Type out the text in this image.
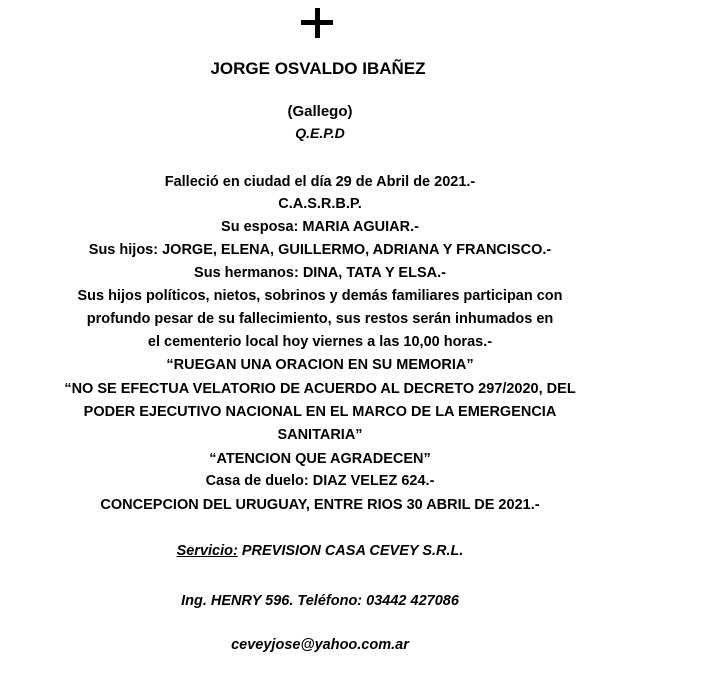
JORGE OSVALDO IBAÑEZ
(Gallego)
Q.E.P.D
Falleció en ciudad el día 29 de Abril de 2021.-
C.A.S.R.B.P.
Su esposa: MARIA AGUIAR.-
Sus hijos: JORGE, ELENA, GUILLERMO, ADRIANA Y FRANCISCO.-
Sus hermanos: DINA, TATA Y ELSA.-
Sus hijos políticos, nietos, sobrinos y demás familiares participan con
profundo pesar de su fallecimiento, sus restos serán inhumados en
el cementerio local hoy viernes a las 10,00 horas.-
“RUEGAN UNA ORACION EN SU MEMORIA”
“NO SE EFECTUA VELATORIO DE ACUERDO AL DECRETO 297/2020, DEL
PODER EJECUTIVO NACIONAL EN EL MARCO DE LA EMERGENCIA
SANITARIA”
“ATENCION QUE AGRADECEN”
Casa de duelo: DIAZ VELEZ 624.-
CONCEPCION DEL URUGUAY, ENTRE RIOS 30 ABRIL DE 2021.-
Servicio: PREVISION CASA CEVEY S.R.L.
Ing. HENRY 596. Teléfono: 03442 427086
ceveyjose@yahoo.com.ar
